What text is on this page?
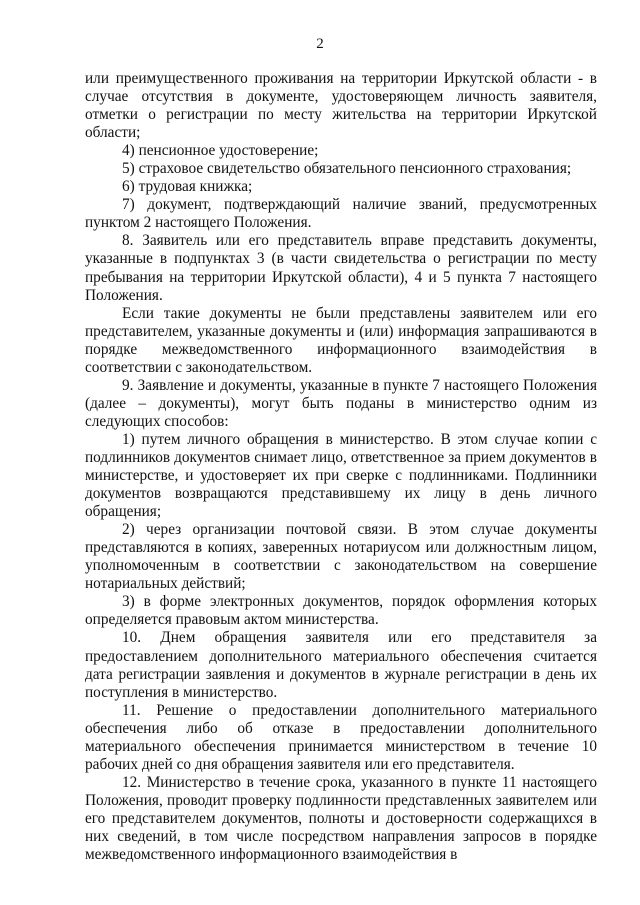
2

или преимущественного проживания на территории Иркутской области - в случае отсутствия в документе, удостоверяющем личность заявителя, отметки о регистрации по месту жительства на территории Иркутской области;

4) пенсионное удостоверение;

5) страховое свидетельство обязательного пенсионного страхования;

6) трудовая книжка;

7) документ, подтверждающий наличие званий, предусмотренных пунктом 2 настоящего Положения.

8. Заявитель или его представитель вправе представить документы, указанные в подпунктах 3 (в части свидетельства о регистрации по месту пребывания на территории Иркутской области), 4 и 5 пункта 7 настоящего Положения.

Если такие документы не были представлены заявителем или его представителем, указанные документы и (или) информация запрашиваются в порядке межведомственного информационного взаимодействия в соответствии с законодательством.

9. Заявление и документы, указанные в пункте 7 настоящего Положения (далее – документы), могут быть поданы в министерство одним из следующих способов:

1) путем личного обращения в министерство. В этом случае копии с подлинников документов снимает лицо, ответственное за прием документов в министерстве, и удостоверяет их при сверке с подлинниками. Подлинники документов возвращаются представившему их лицу в день личного обращения;

2) через организации почтовой связи. В этом случае документы представляются в копиях, заверенных нотариусом или должностным лицом, уполномоченным в соответствии с законодательством на совершение нотариальных действий;

3) в форме электронных документов, порядок оформления которых определяется правовым актом министерства.

10. Днем обращения заявителя или его представителя за предоставлением дополнительного материального обеспечения считается дата регистрации заявления и документов в журнале регистрации в день их поступления в министерство.

11. Решение о предоставлении дополнительного материального обеспечения либо об отказе в предоставлении дополнительного материального обеспечения принимается министерством в течение 10 рабочих дней со дня обращения заявителя или его представителя.

12. Министерство в течение срока, указанного в пункте 11 настоящего Положения, проводит проверку подлинности представленных заявителем или его представителем документов, полноты и достоверности содержащихся в них сведений, в том числе посредством направления запросов в порядке межведомственного информационного взаимодействия в
